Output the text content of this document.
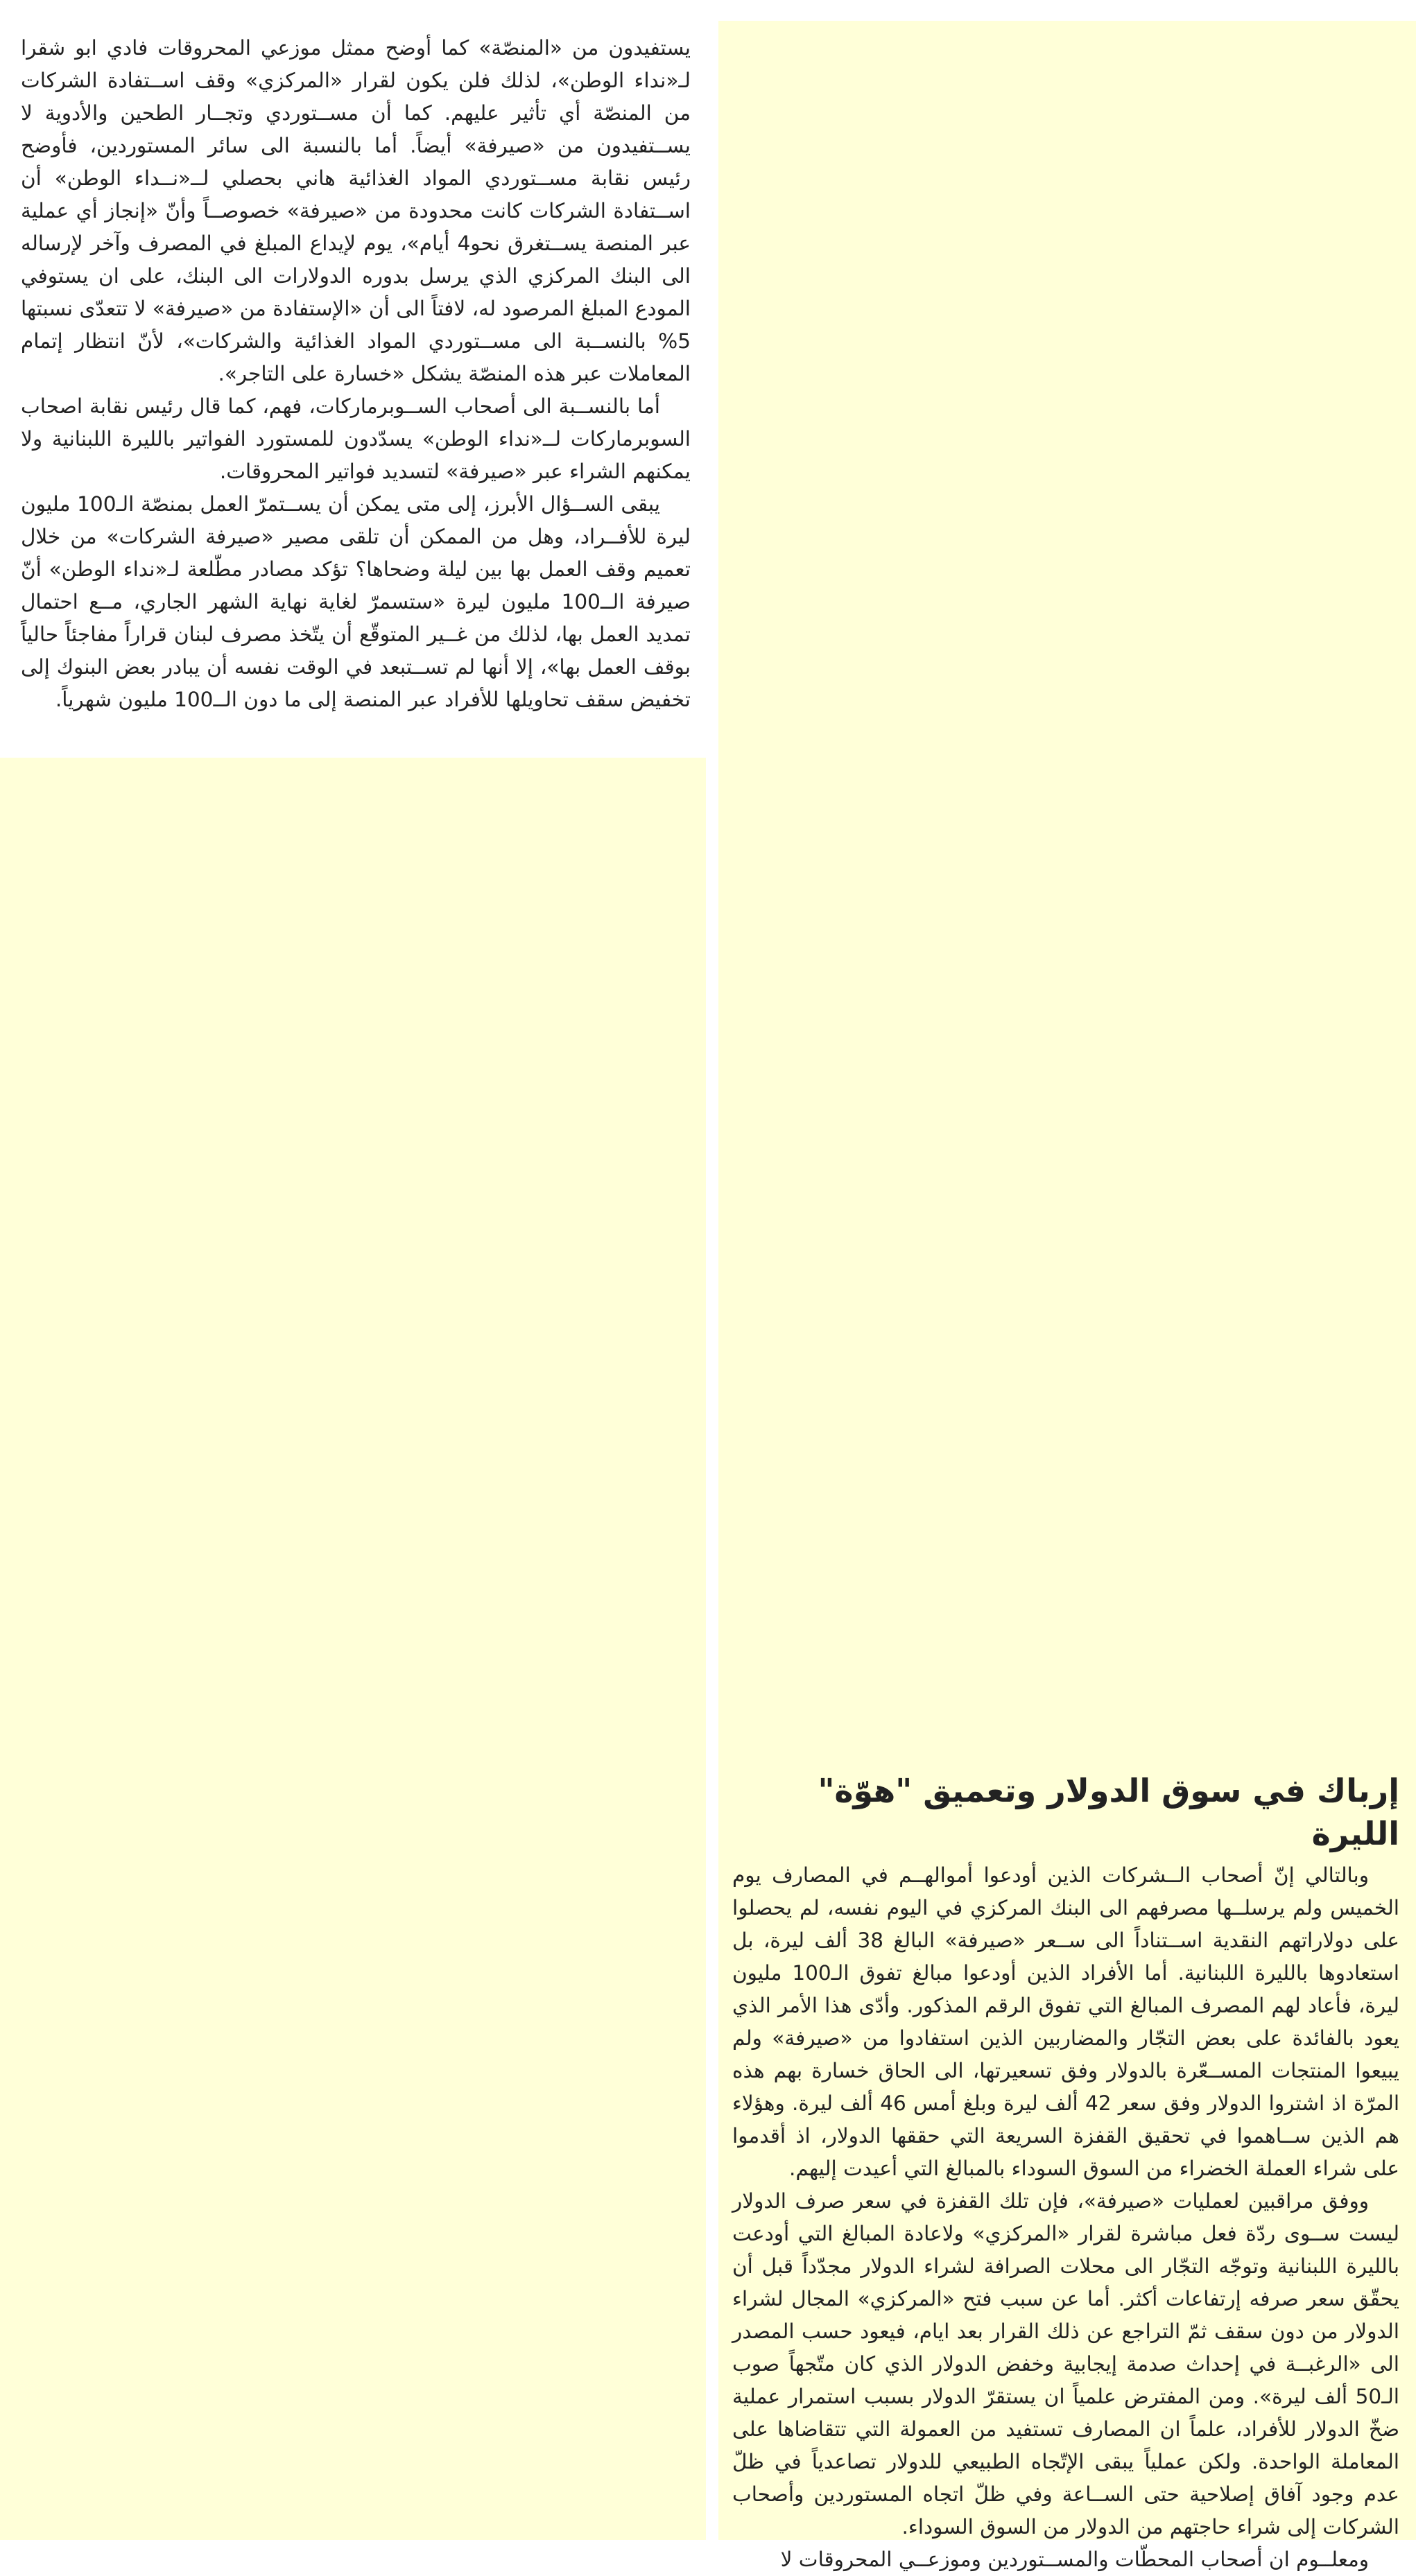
يستفيدون من «المنصّة» كما أوضح ممثل موزعي المحروقات فادي ابو شقرا لـ«نداء الوطن»، لذلك فلن يكون لقرار «المركزي» وقف اســتفادة الشركات من المنصّة أي تأثير عليهم. كما أن مســتوردي وتجــار الطحين والأدوية لا يســتفيدون من «صيرفة» أيضاً. أما بالنسبة الى سائر المستوردين، فأوضح رئيس نقابة مســتوردي المواد الغذائية هاني بحصلي لــ«نــداء الوطن» أن اســتفادة الشركات كانت محدودة من «صيرفة» خصوصــاً وأنّ «إنجاز أي عملية عبر المنصة يســتغرق نحو4 أيام»، يوم لإيداع المبلغ في المصرف وآخر لإرساله الى البنك المركزي الذي يرسل بدوره الدولارات الى البنك، على ان يستوفي المودع المبلغ المرصود له، لافتاً الى أن «الإستفادة من «صيرفة» لا تتعدّى نسبتها 5% بالنســبة الى مســتوردي المواد الغذائية والشركات»، لأنّ انتظار إتمام المعاملات عبر هذه المنصّة يشكل «خسارة على التاجر».

أما بالنســبة الى أصحاب الســوبرماركات، فهم، كما قال رئيس نقابة اصحاب السوبرماركات لــ«نداء الوطن» يسدّدون للمستورد الفواتير بالليرة اللبنانية ولا يمكنهم الشراء عبر «صيرفة» لتسديد فواتير المحروقات.

يبقى الســؤال الأبرز، إلى متى يمكن أن يســتمرّ العمل بمنصّة الـ100 مليون ليرة للأفــراد، وهل من الممكن أن تلقى مصير «صيرفة الشركات» من خلال تعميم وقف العمل بها بين ليلة وضحاها؟ تؤكد مصادر مطّلعة لـ«نداء الوطن» أنّ صيرفة الــ100 مليون ليرة «ستسمرّ لغاية نهاية الشهر الجاري، مــع احتمال تمديد العمل بها، لذلك من غــير المتوقّع أن يتّخذ مصرف لبنان قراراً مفاجئاً حالياً بوقف العمل بها»، إلا أنها لم تســتبعد في الوقت نفسه أن يبادر بعض البنوك إلى تخفيض سقف تحاويلها للأفراد عبر المنصة إلى ما دون الــ100 مليون شهرياً.

إرباك في سوق الدولار وتعميق "هوّة" الليرة

وبالتالي إنّ أصحاب الــشركات الذين أودعوا أموالهــم في المصارف يوم الخميس ولم يرسلــها مصرفهم الى البنك المركزي في اليوم نفسه، لم يحصلوا على دولاراتهم النقدية اســتناداً الى ســعر «صيرفة» البالغ 38 ألف ليرة، بل استعادوها بالليرة اللبنانية. أما الأفراد الذين أودعوا مبالغ تفوق الـ100 مليون ليرة، فأعاد لهم المصرف المبالغ التي تفوق الرقم المذكور. وأدّى هذا الأمر الذي يعود بالفائدة على بعض التجّار والمضاربين الذين استفادوا من «صيرفة» ولم يبيعوا المنتجات المســعّرة بالدولار وفق تسعيرتها، الى الحاق خسارة بهم هذه المرّة اذ اشتروا الدولار وفق سعر 42 ألف ليرة وبلغ أمس 46 ألف ليرة. وهؤلاء هم الذين ســاهموا في تحقيق القفزة السريعة التي حققها الدولار، اذ أقدموا على شراء العملة الخضراء من السوق السوداء بالمبالغ التي أعيدت إليهم.

ووفق مراقبين لعمليات «صيرفة»، فإن تلك القفزة في سعر صرف الدولار ليست ســوى ردّة فعل مباشرة لقرار «المركزي» ولاعادة المبالغ التي أودعت بالليرة اللبنانية وتوجّه التجّار الى محلات الصرافة لشراء الدولار مجدّداً قبل أن يحقّق سعر صرفه إرتفاعات أكثر. أما عن سبب فتح «المركزي» المجال لشراء الدولار من دون سقف ثمّ التراجع عن ذلك القرار بعد ايام، فيعود حسب المصدر الى «الرغبــة في إحداث صدمة إيجابية وخفض الدولار الذي كان متّجهاً صوب الـ50 ألف ليرة». ومن المفترض علمياً ان يستقرّ الدولار بسبب استمرار عملية ضخّ الدولار للأفراد، علماً ان المصارف تستفيد من العمولة التي تتقاضاها على المعاملة الواحدة. ولكن عملياً يبقى الإتّجاه الطبيعي للدولار تصاعدياً في ظلّ عدم وجود آفاق إصلاحية حتى الســاعة وفي ظلّ اتجاه المستوردين وأصحاب الشركات إلى شراء حاجتهم من الدولار من السوق السوداء.

ومعلــوم ان أصحاب المحطّات والمســتوردين وموزعــي المحروقات لا
